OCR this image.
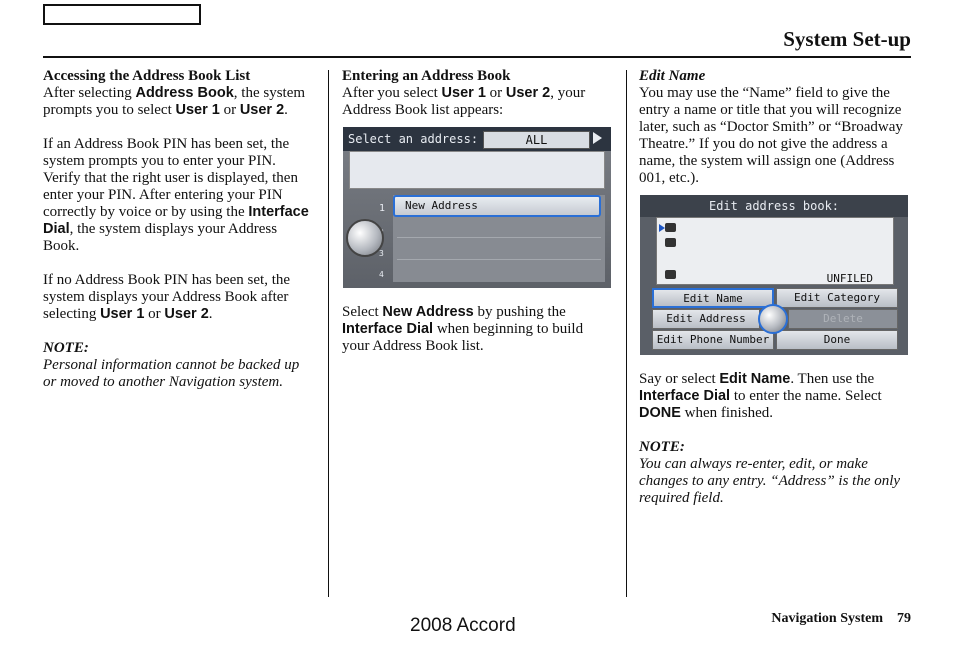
System Set-up
Accessing the Address Book List

After selecting Address Book, the system prompts you to select User 1 or User 2.

If an Address Book PIN has been set, the system prompts you to enter your PIN. Verify that the right user is displayed, then enter your PIN. After entering your PIN correctly by voice or by using the Interface Dial, the system displays your Address Book.

If no Address Book PIN has been set, the system displays your Address Book after selecting User 1 or User 2.

NOTE:
Personal information cannot be backed up or moved to another Navigation system.
Entering an Address Book

After you select User 1 or User 2, your Address Book list appears:

Select an address:	ALL
1
3
4
New Address

Select New Address by pushing the Interface Dial when beginning to build your Address Book list.

Edit Name

You may use the “Name” field to give the entry a name or title that you will recognize later, such as “Doctor Smith” or “Broadway Theatre.” If you do not give the address a name, the system will assign one (Address 001, etc.).

Edit address book:
UNFILED
Edit Name	Edit Category
Edit Address	Delete
Edit Phone Number	Done

Say or select Edit Name. Then use the Interface Dial to enter the name. Select DONE when finished.

NOTE:
You can always re-enter, edit, or make changes to any entry. “Address” is the only required field.
2008 Accord	Navigation System 79
